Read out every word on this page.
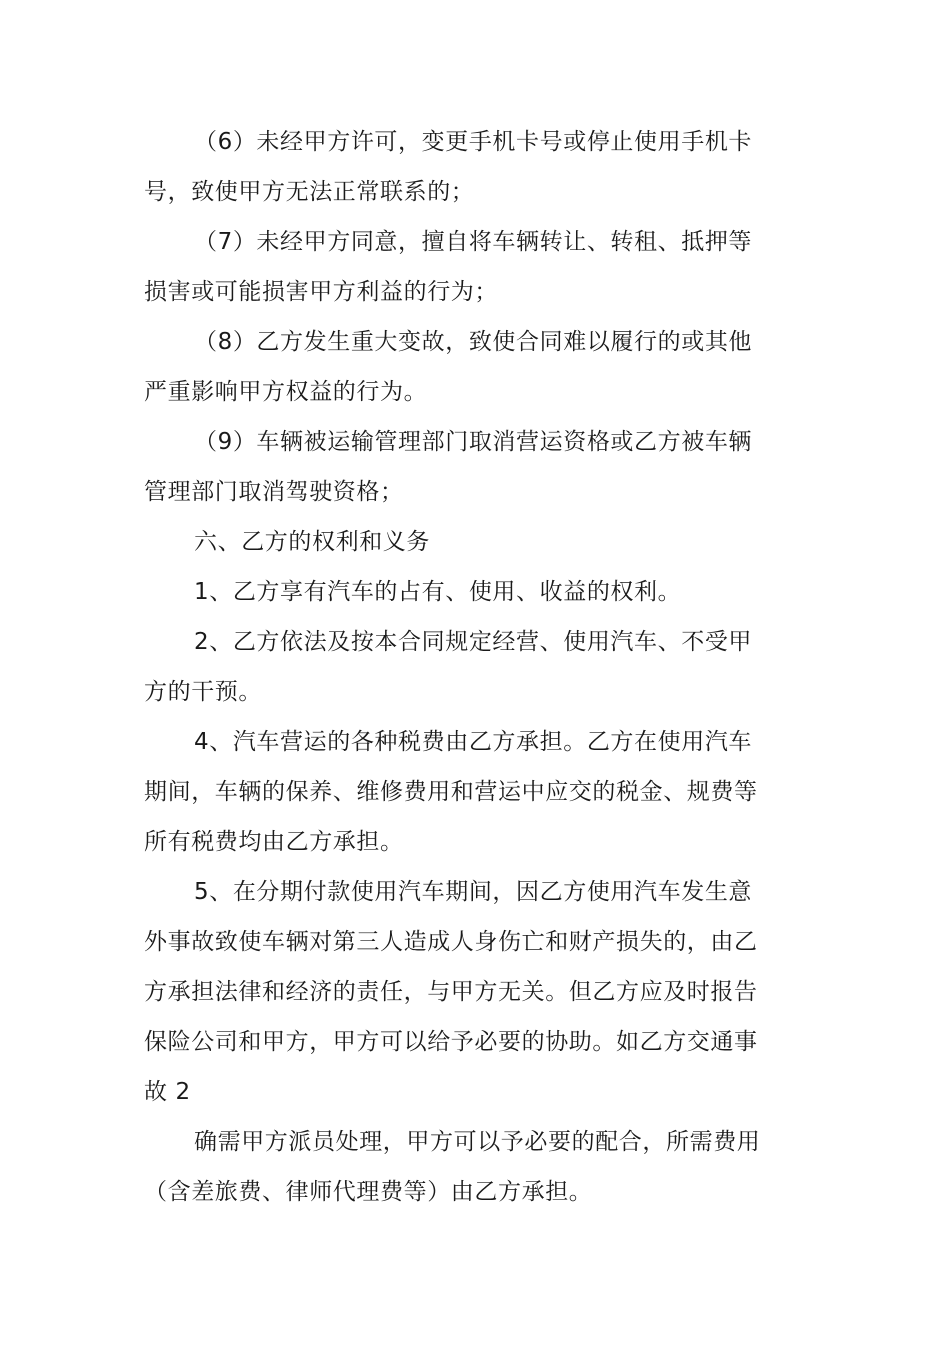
（6）未经甲方许可，变更手机卡号或停止使用手机卡
号，致使甲方无法正常联系的；
（7）未经甲方同意，擅自将车辆转让、转租、抵押等
损害或可能损害甲方利益的行为；
（8）乙方发生重大变故，致使合同难以履行的或其他
严重影响甲方权益的行为。
（9）车辆被运输管理部门取消营运资格或乙方被车辆
管理部门取消驾驶资格；
六、乙方的权利和义务
1、乙方享有汽车的占有、使用、收益的权利。
2、乙方依法及按本合同规定经营、使用汽车、不受甲
方的干预。
4、汽车营运的各种税费由乙方承担。乙方在使用汽车
期间，车辆的保养、维修费用和营运中应交的税金、规费等
所有税费均由乙方承担。
5、在分期付款使用汽车期间，因乙方使用汽车发生意
外事故致使车辆对第三人造成人身伤亡和财产损失的，由乙
方承担法律和经济的责任，与甲方无关。但乙方应及时报告
保险公司和甲方，甲方可以给予必要的协助。如乙方交通事
故 2
确需甲方派员处理，甲方可以予必要的配合，所需费用
（含差旅费、律师代理费等）由乙方承担。
